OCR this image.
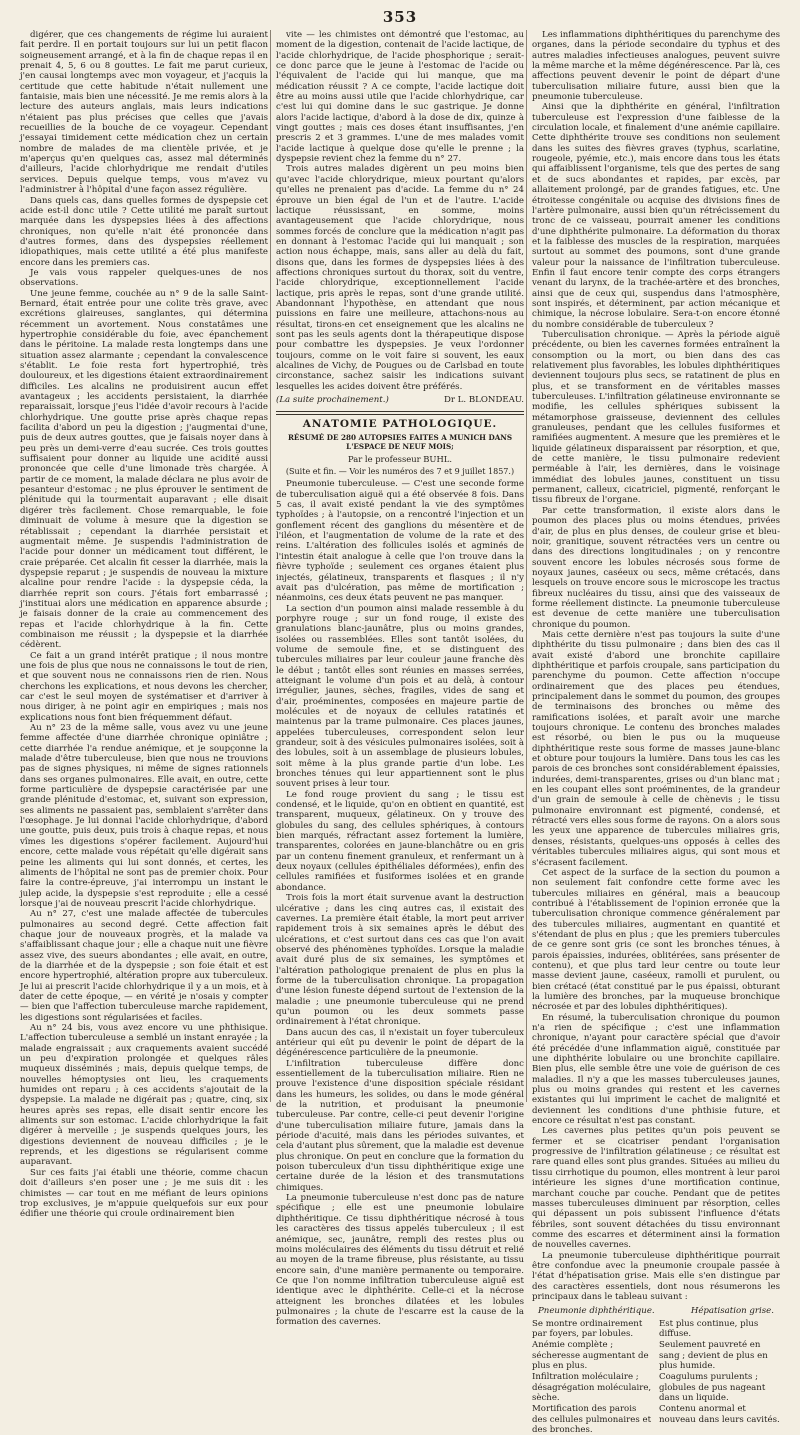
353

digérer, que ces changements de régime lui auraient fait perdre. Il en portait toujours sur lui un petit flacon soigneusement arrangé, et à la fin de chaque repas il en prenait 4, 5, 6 ou 8 gouttes. Le fait me parut curieux, j'en causai longtemps avec mon voyageur, et j'acquis la certitude que cette habitude n'était nullement une fantaisie, mais bien une nécessité. Je me remis alors à la lecture des auteurs anglais, mais leurs indications n'étaient pas plus précises que celles que j'avais recueillies de la bouche de ce voyageur. Cependant j'essayai timidement cette médication chez un certain nombre de malades de ma clientèle privée, et je m'aperçus qu'en quelques cas, assez mal déterminés d'ailleurs, l'acide chlorhydrique me rendait d'utiles services. Depuis quelque temps, vous m'avez vu l'administrer à l'hôpital d'une façon assez régulière.

Dans quels cas, dans quelles formes de dyspepsie cet acide est-il donc utile ? Cette utilité me paraît surtout marquée dans les dyspepsies liées à des affections chroniques, non qu'elle n'ait été prononcée dans d'autres formes, dans des dyspepsies réellement idiopathiques, mais cette utilité a été plus manifeste encore dans les premiers cas.

Je vais vous rappeler quelques-unes de nos observations.

Une jeune femme, couchée au n° 9 de la salle Saint-Bernard, était entrée pour une colite très grave, avec excrétions glaireuses, sanglantes, qui détermina récemment un avortement. Nous constatâmes une hypertrophie considérable du foie, avec épanchement dans le péritoine. La malade resta longtemps dans une situation assez alarmante ; cependant la convalescence s'établit. Le foie resta fort hypertrophié, très douloureux, et les digestions étaient extraordinairement difficiles. Les alcalins ne produisirent aucun effet avantageux ; les accidents persistaient, la diarrhée reparaissait, lorsque j'eus l'idée d'avoir recours à l'acide chlorhydrique. Une goutte prise après chaque repas facilita d'abord un peu la digestion ; j'augmentai d'une, puis de deux autres gouttes, que je faisais noyer dans à peu près un demi-verre d'eau sucrée. Ces trois gouttes suffisaient pour donner au liquide une acidité aussi prononcée que celle d'une limonade très chargée. À partir de ce moment, la malade déclara ne plus avoir de pesanteur d'estomac ; ne plus éprouver le sentiment de plénitude qui la tourmentait auparavant ; elle disait digérer très facilement. Chose remarquable, le foie diminuait de volume à mesure que la digestion se rétablissait ; cependant la diarrhée persistait et augmentait même. Je suspendis l'administration de l'acide pour donner un médicament tout différent, le craie préparée. Cet alcalin fit cesser la diarrhée, mais la dyspepsie reparut ; je suspendis de nouveau la mixture alcaline pour rendre l'acide : la dyspepsie céda, la diarrhée reprit son cours. J'étais fort embarrassé ; j'instituai alors une médication en apparence absurde ; je faisais donner de la craie au commencement des repas et l'acide chlorhydrique à la fin. Cette combinaison me réussit ; la dyspepsie et la diarrhée cédèrent.

Ce fait a un grand intérêt pratique ; il nous montre une fois de plus que nous ne connaissons le tout de rien, et que souvent nous ne connaissons rien de rien. Nous cherchons les explications, et nous devons les chercher, car c'est le seul moyen de systématiser et d'arriver à nous diriger, à ne point agir en empiriques ; mais nos explications nous font bien fréquemment défaut.

Au n° 23 de la même salle, vous avez vu une jeune femme affectée d'une diarrhée chronique opiniâtre ; cette diarrhée l'a rendue anémique, et je soupçonne la malade d'être tuberculeuse, bien que nous ne trouvions pas de signes physiques, ni même de signes rationnels dans ses organes pulmonaires. Elle avait, en outre, cette forme particulière de dyspepsie caractérisée par une grande plénitude d'estomac, et, suivant son expression, ses aliments ne passaient pas, semblaient s'arrêter dans l'œsophage. Je lui donnai l'acide chlorhydrique, d'abord une goutte, puis deux, puis trois à chaque repas, et nous vîmes les digestions s'opérer facilement. Aujourd'hui encore, cette malade vous répétait qu'elle digérait sans peine les aliments qui lui sont donnés, et certes, les aliments de l'hôpital ne sont pas de premier choix. Pour faire la contre-épreuve, j'ai interrompu un instant le julep acide, la dyspepsie s'est reproduite ; elle a cessé lorsque j'ai de nouveau prescrit l'acide chlorhydrique.

Au n° 27, c'est une malade affectée de tubercules pulmonaires au second degré. Cette affection fait chaque jour de nouveaux progrès, et la malade va s'affaiblissant chaque jour ; elle a chaque nuit une fièvre assez vive, des sueurs abondantes ; elle avait, en outre, de la diarrhée et de la dyspepsie ; son foie était et est encore hypertrophié, altération propre aux tuberculeux. Je lui ai prescrit l'acide chlorhydrique il y a un mois, et à dater de cette époque, — en vérité je n'osais y compter — bien que l'affection tuberculeuse marche rapidement, les digestions sont régularisées et faciles.

Au n° 24 bis, vous avez encore vu une phthisique. L'affection tuberculeuse a semblé un instant enrayée ; la malade engraissait ; aux craquements avaient succédé un peu d'expiration prolongée et quelques râles muqueux disséminés ; mais, depuis quelque temps, de nouvelles hémoptysies ont lieu, les craquements humides ont reparu ; à ces accidents s'ajoutait de la dyspepsie. La malade ne digérait pas ; quatre, cinq, six heures après ses repas, elle disait sentir encore les aliments sur son estomac. L'acide chlorhydrique la fait digérer à merveille ; je suspends quelques jours, les digestions deviennent de nouveau difficiles ; je le reprends, et les digestions se régularisent comme auparavant.

Sur ces faits j'ai établi une théorie, comme chacun doit d'ailleurs s'en poser une ; je me suis dit : les chimistes — car tout en me méfiant de leurs opinions trop exclusives, je m'appuie quelquefois sur eux pour édifier une théorie qui croule ordinairement bien

vite — les chimistes ont démontré que l'estomac, au moment de la digestion, contenait de l'acide lactique, de l'acide chlorhydrique, de l'acide phosphorique ; serait-ce donc parce que le jeune à l'estomac de l'acide ou l'équivalent de l'acide qui lui manque, que ma médication réussit ? A ce compte, l'acide lactique doit être au moins aussi utile que l'acide chlorhydrique, car c'est lui qui domine dans le suc gastrique. Je donne alors l'acide lactique, d'abord à la dose de dix, quinze à vingt gouttes ; mais ces doses étant insuffisantes, j'en prescris 2 et 3 grammes. L'une de mes malades vomit l'acide lactique à quelque dose qu'elle le prenne ; la dyspepsie revient chez la femme du n° 27.

Trois autres malades digèrent un peu moins bien qu'avec l'acide chlorydrique, mieux pourtant qu'alors qu'elles ne prenaient pas d'acide. La femme du n° 24 éprouve un bien égal de l'un et de l'autre. L'acide lactique réussissant, en somme, moins avantageusement que l'acide chlorydrique, nous sommes forcés de conclure que la médication n'agit pas en donnant à l'estomac l'acide qui lui manquait ; son action nous échappe, mais, sans aller au delà du fait, disons que, dans les formes de dyspepsies liées à des affections chroniques surtout du thorax, soit du ventre, l'acide chlorydrique, exceptionnellement l'acide lactique, pris après le repas, sont d'une grande utilité. Abandonnant l'hypothèse, en attendant que nous puissions en faire une meilleure, attachons-nous au résultat, tirons-en cet enseignement que les alcalins ne sont pas les seuls agents dont la thérapeutique dispose pour combattre les dyspepsies. Je veux l'ordonner toujours, comme on le voit faire si souvent, les eaux alcalines de Vichy, de Pougues ou de Carlsbad en toute circonstance, sachez saisir les indications suivant lesquelles les acides doivent être préférés.

(La suite prochainement.)	Dr L. BLONDEAU.
ANATOMIE PATHOLOGIQUE.
RÉSUMÉ DE 280 AUTOPSIES FAITES A MUNICH DANS L'ESPACE DE NEUF MOIS;
Par le professeur BUHL.
(Suite et fin. — Voir les numéros des 7 et 9 juillet 1857.)

Pneumonie tuberculeuse. — C'est une seconde forme de tuberculisation aiguë qui a été observée 8 fois. Dans 5 cas, il avait existé pendant la vie des symptômes typhoïdes ; à l'autopsie, on a rencontré l'injection et un gonflement récent des ganglions du mésentère et de l'iléon, et l'augmentation de volume de la rate et des reins. L'altération des follicules isolés et agminés de l'intestin était analogue à celle que l'on trouve dans la fièvre typhoïde ; seulement ces organes étaient plus injectés, gélatineux, transparents et flasques ; il n'y avait pas d'ulcération, pas même de mortification ; néanmoins, ces deux états peuvent ne pas manquer.

La section d'un poumon ainsi malade ressemble à du porphyre rouge ; sur un fond rouge, il existe des granulations blanc-jaunâtre, plus ou moins grandes, isolées ou rassemblées. Elles sont tantôt isolées, du volume de semoule fine, et se distinguent des tubercules miliaires par leur couleur jaune franche dès le début ; tantôt elles sont réunies en masses serrées, atteignant le volume d'un pois et au delà, à contour irrégulier, jaunes, sèches, fragiles, vides de sang et d'air, proéminentes, composées en majeure partie de molécules et de noyaux de cellules ratatinés et maintenus par la trame pulmonaire. Ces places jaunes, appelées tuberculeuses, correspondent selon leur grandeur, soit à des vésicules pulmonaires isolées, soit à des lobules, soit à un assemblage de plusieurs lobules, soit même à la plus grande partie d'un lobe. Les bronches ténues qui leur appartiennent sont le plus souvent prises à leur tour.

Le fond rouge provient du sang ; le tissu est condensé, et le liquide, qu'on en obtient en quantité, est transparent, muqueux, gélatineux. On y trouve des globules du sang, des cellules sphériques, à contours bien marqués, réfractant assez fortement la lumière, transparentes, colorées en jaune-blanchâtre ou en gris par un contenu finement granuleux, et renfermant un à deux noyaux (cellules épithéliales déformées), enfin des cellules ramifiées et fusiformes isolées et en grande abondance.

Trois fois la mort était survenue avant la destruction ulcérative ; dans les cinq autres cas, il existait des cavernes. La première était étable, la mort peut arriver rapidement trois à six semaines après le début des ulcérations, et c'est surtout dans ces cas que l'on avait observé des phénomènes typhoïdes. Lorsque la maladie avait duré plus de six semaines, les symptômes et l'altération pathologique prenaient de plus en plus la forme de la tuberculisation chronique. La propagation d'une lésion funeste dépend surtout de l'extension de la maladie ; une pneumonie tuberculeuse qui ne prend qu'un poumon ou les deux sommets passe ordinairement à l'état chronique.

Dans aucun des cas, il n'existait un foyer tuberculeux antérieur qui eût pu devenir le point de départ de la dégénérescence particulière de la pneumonie.

L'infiltration tuberculeuse diffère donc essentiellement de la tuberculisation miliaire. Rien ne prouve l'existence d'une disposition spéciale résidant dans les humeurs, les solides, ou dans le mode général de la nutrition, et produisant la pneumonie tuberculeuse. Par contre, celle-ci peut devenir l'origine d'une tuberculisation miliaire future, jamais dans la période d'acuité, mais dans les périodes suivantes, et cela d'autant plus sûrement, que la maladie est devenue plus chronique. On peut en conclure que la formation du poison tuberculeux d'un tissu diphthéritique exige une certaine durée de la lésion et des transmutations chimiques.

La pneumonie tuberculeuse n'est donc pas de nature spécifique ; elle est une pneumonie lobulaire diphthéritique. Ce tissu diphthéritique nécrosé à tous les caractères des tissus appelés tuberculeux ; il est anémique, sec, jaunâtre, rempli des restes plus ou moins moléculaires des éléments du tissu détruit et relié au moyen de la trame fibreuse, plus résistante, au tissu encore sain, d'une manière permanente ou temporaire. Ce que l'on nomme infiltration tuberculeuse aiguë est identique avec le diphthérite. Celle-ci et la nécrose atteignent les bronches dilatées et les lobules pulmonaires ; la chute de l'escarre est la cause de la formation des cavernes.

Les inflammations diphthéritiques du parenchyme des organes, dans la période secondaire du typhus et des autres maladies infectieuses analogues, peuvent suivre la même marche et la même dégénérescence. Par là, ces affections peuvent devenir le point de départ d'une tuberculisation miliaire future, aussi bien que la pneumonie tuberculeuse.

Ainsi que la diphthérite en général, l'infiltration tuberculeuse est l'expression d'une faiblesse de la circulation locale, et finalement d'une anémie capillaire. Cette diphthérite trouve ses conditions non seulement dans les suites des fièvres graves (typhus, scarlatine, rougeole, pyémie, etc.), mais encore dans tous les états qui affaiblissent l'organisme, tels que des pertes de sang et de sucs abondantes et rapides, par excès, par allaitement prolongé, par de grandes fatigues, etc. Une étroitesse congénitale ou acquise des divisions fines de l'artère pulmonaire, aussi bien qu'un rétrécissement du tronc de ce vaisseau, pourrait amener les conditions d'une diphthérite pulmonaire. La déformation du thorax et la faiblesse des muscles de la respiration, marquées surtout au sommet des poumons, sont d'une grande valeur pour la naissance de l'infiltration tuberculeuse. Enfin il faut encore tenir compte des corps étrangers venant du larynx, de la trachée-artère et des bronches, ainsi que de ceux qui, suspendus dans l'atmosphère, sont inspirés, et déterminent, par action mécanique et chimique, la nécrose lobulaire. Sera-t-on encore étonné du nombre considérable de tuberculeux ?

Tuberculisation chronique. — Après la période aiguë précédente, ou bien les cavernes formées entraînent la consomption ou la mort, ou bien dans des cas relativement plus favorables, les lobules diphthéritiques deviennent toujours plus secs, se ratatinent de plus en plus, et se transforment en de véritables masses tuberculeuses. L'infiltration gélatineuse environnante se modifie, les cellules sphériques subissent la métamorphose graisseuse, deviennent des cellules granuleuses, pendant que les cellules fusiformes et ramifiées augmentent. A mesure que les premières et le liquide gélatineux disparaissent par résorption, et que, de cette manière, le tissu pulmonaire redevient perméable à l'air, les dernières, dans le voisinage immédiat des lobules jaunes, constituent un tissu permanent, calleux, cicatriciel, pigmenté, renforçant le tissu fibreux de l'organe.

Par cette transformation, il existe alors dans le poumon des places plus ou moins étendues, privées d'air, de plus en plus denses, de couleur grise et bleu-noir, granitique, souvent rétractées vers un centre ou dans des directions longitudinales ; on y rencontre souvent encore les lobules nécrosés sous forme de noyaux jaunes, caséeux ou secs, même crétacés, dans lesquels on trouve encore sous le microscope les tractus fibreux nucléaires du tissu, ainsi que des vaisseaux de forme réellement distincte. La pneumonie tuberculeuse est devenue de cette manière une tuberculisation chronique du poumon.

Mais cette dernière n'est pas toujours la suite d'une diphthérite du tissu pulmonaire ; dans bien des cas il avait existé d'abord une bronchite capillaire diphthéritique et parfois croupale, sans participation du parenchyme du poumon. Cette affection n'occupe ordinairement que des places peu étendues, principalement dans le sommet du poumon, des groupes de terminaisons des bronches ou même des ramifications isolées, et paraît avoir une marche toujours chronique. Le contenu des bronches malades est résorbé, ou bien le pus ou la muqueuse diphthéritique reste sous forme de masses jaune-blanc et obture pour toujours la lumière. Dans tous les cas les parois de ces bronches sont considérablement épaissies, indurées, demi-transparentes, grises ou d'un blanc mat ; en les coupant elles sont proéminentes, de la grandeur d'un grain de semoule à celle de chènevis ; le tissu pulmonaire environnant est pigmenté, condensé, et rétracté vers elles sous forme de rayons. On a alors sous les yeux une apparence de tubercules miliaires gris, denses, résistants, quelques-uns opposés à celles des véritables tubercules miliaires aigus, qui sont mous et s'écrasent facilement.

Cet aspect de la surface de la section du poumon a non seulement fait confondre cette forme avec les tubercules miliaires en général, mais a beaucoup contribué à l'établissement de l'opinion erronée que la tuberculisation chronique commence généralement par des tubercules miliaires, augmentant en quantité et s'étendant de plus en plus ; que les premiers tubercules de ce genre sont gris (ce sont les bronches ténues, à parois épaissies, indurées, oblitérées, sans présenter de contenu), et que plus tard leur centre ou toute leur masse devient jaune, caséeux, ramolli et purulent, ou bien crétacé (état constitué par le pus épaissi, obturant la lumière des bronches, par la muqueuse bronchique nécrosée et par des lobules diphthéritiques).

En résumé, la tuberculisation chronique du poumon n'a rien de spécifique ; c'est une inflammation chronique, n'ayant pour caractère spécial que d'avoir été précédée d'une inflammation aiguë, constituée par une diphthérite lobulaire ou une bronchite capillaire. Bien plus, elle semble être une voie de guérison de ces maladies. Il n'y a que les masses tuberculeuses jaunes, plus ou moins grandes qui restent et les cavernes existantes qui lui impriment le cachet de malignité et deviennent les conditions d'une phthisie future, et encore ce résultat n'est pas constant.

Les cavernes plus petites qu'un pois peuvent se fermer et se cicatriser pendant l'organisation progressive de l'infiltration gélatineuse ; ce résultat est rare quand elles sont plus grandes. Situées au milieu du tissu cirrhotique du poumon, elles montrent à leur paroi intérieure les signes d'une mortification continue, marchant couche par couche. Pendant que de petites masses tuberculeuses diminuent par résorption, celles qui dépassent un pois subissent l'influence d'états fébriles, sont souvent détachées du tissu environnant comme des escarres et déterminent ainsi la formation de nouvelles cavernes.

La pneumonie tuberculeuse diphthéritique pourrait être confondue avec la pneumonie croupale passée à l'état d'hépatisation grise. Mais elle s'en distingue par des caractères essentiels, dont nous résumerons les principaux dans le tableau suivant :

Pneumonie diphthéritique.	Hépatisation grise.
Se montre ordinairement par foyers, par lobules.
Est plus continue, plus diffuse.
Anémie complète ; sécheresse augmentant de plus en plus.
Seulement pauvreté en sang ; devient de plus en plus humide.
Infiltration moléculaire ; désagrégation moléculaire, sèche.
Coagulums purulents ; globules de pus nageant dans un liquide.
Mortification des parois des cellules pulmonaires et des bronches.
Contenu anormal et nouveau dans leurs cavités.
